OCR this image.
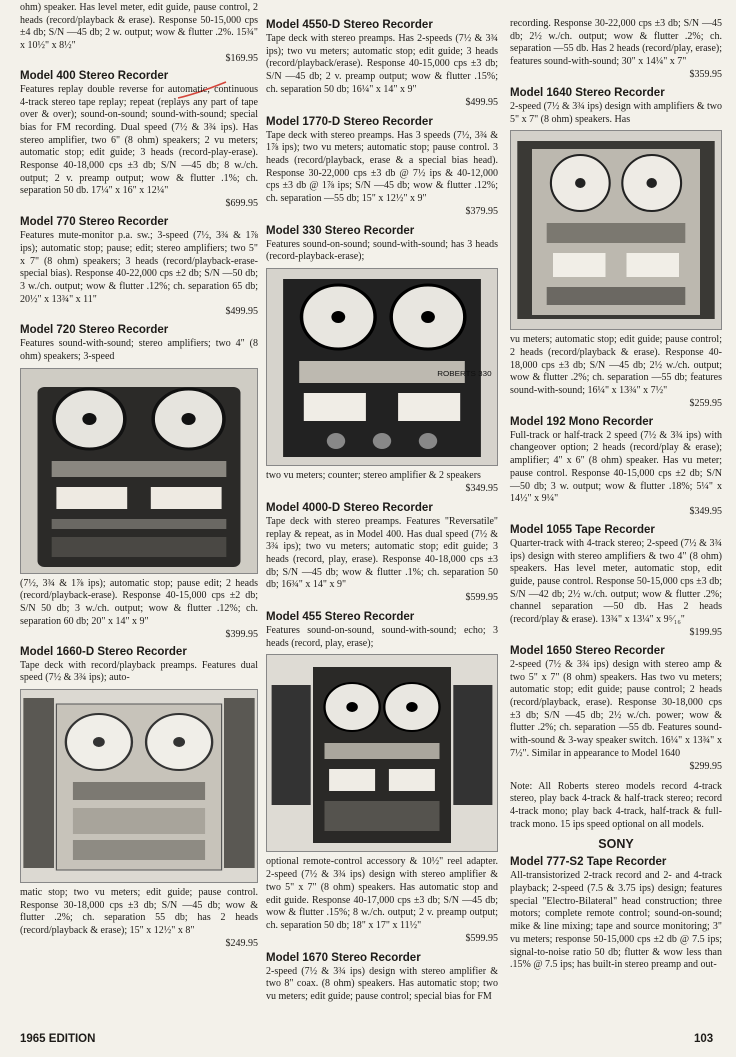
ohm) speaker. Has level meter, edit guide, pause control, 2 heads (record/playback & erase). Response 50-15,000 cps ±4 db; S/N —45 db; 2 w. output; wow & flutter .2%. 15¾" x 10½" x 8½"

$169.95

Model 400 Stereo Recorder

Features replay double reverse for automatic, continuous 4-track stereo tape replay; repeat (replays any part of tape over & over); sound-on-sound; sound-with-sound; special bias for FM recording. Dual speed (7½ & 3¾ ips). Has stereo amplifier, two 6" (8 ohm) speakers; 2 vu meters; automatic stop; edit guide; 3 heads (record-play-erase). Response 40-18,000 cps ±3 db; S/N —45 db; 8 w./ch. output; 2 v. preamp output; wow & flutter .1%; ch. separation 50 db. 17¼" x 16" x 12¼"

$699.95

Model 770 Stereo Recorder

Features mute-monitor p.a. sw.; 3-speed (7½, 3¾ & 1⅞ ips); automatic stop; pause; edit; stereo amplifiers; two 5" x 7" (8 ohm) speakers; 3 heads (record/playback-erase-special bias). Response 40-22,000 cps ±2 db; S/N —50 db; 3 w./ch. output; wow & flutter .12%; ch. separation 65 db; 20½" x 13¾" x 11"

$499.95

Model 720 Stereo Recorder

Features sound-with-sound; stereo amplifiers; two 4" (8 ohm) speakers; 3-speed

(7½, 3¾ & 1⅞ ips); automatic stop; pause edit; 2 heads (record/playback-erase). Response 40-15,000 cps ±2 db; S/N 50 db; 3 w./ch. output; wow & flutter .12%; ch. separation 60 db; 20" x 14" x 9"

$399.95

Model 1660-D Stereo Recorder

Tape deck with record/playback preamps. Features dual speed (7½ & 3¾ ips); auto-

matic stop; two vu meters; edit guide; pause control. Response 30-18,000 cps ±3 db; S/N —45 db; wow & flutter .2%; ch. separation 55 db; has 2 heads (record/playback & erase); 15" x 12½" x 8"

$249.95

Model 4550-D Stereo Recorder

Tape deck with stereo preamps. Has 2-speeds (7½ & 3¾ ips); two vu meters; automatic stop; edit guide; 3 heads (record/playback/erase). Response 40-15,000 cps ±3 db; S/N —45 db; 2 v. preamp output; wow & flutter .15%; ch. separation 50 db; 16¼" x 14" x 9"

$499.95

Model 1770-D Stereo Recorder

Tape deck with stereo preamps. Has 3 speeds (7½, 3¾ & 1⅞ ips); two vu meters; automatic stop; pause control. 3 heads (record/playback, erase & a special bias head). Response 30-22,000 cps ±3 db @ 7½ ips & 40-12,000 cps ±3 db @ 1⅞ ips; S/N —45 db; wow & flutter .12%; ch. separation —55 db; 15" x 12½" x 9"

$379.95

Model 330 Stereo Recorder

Features sound-on-sound; sound-with-sound; has 3 heads (record-playback-erase);

ROBERTS 330

two vu meters; counter; stereo amplifier & 2 speakers

$349.95

Model 4000-D Stereo Recorder

Tape deck with stereo preamps. Features "Reversatile" replay & repeat, as in Model 400. Has dual speed (7½ & 3¾ ips); two vu meters; automatic stop; edit guide; 3 heads (record, play, erase). Response 40-18,000 cps ±3 db; S/N —45 db; wow & flutter .1%; ch. separation 50 db; 16¾" x 14" x 9"

$599.95

Model 455 Stereo Recorder

Features sound-on-sound, sound-with-sound; echo; 3 heads (record, play, erase);

optional remote-control accessory & 10½" reel adapter. 2-speed (7½ & 3¾ ips) design with stereo amplifier & two 5" x 7" (8 ohm) speakers. Has automatic stop and edit guide. Response 40-17,000 cps ±3 db; S/N —45 db; wow & flutter .15%; 8 w./ch. output; 2 v. preamp output; ch. separation 50 db; 18" x 17" x 11½"

$599.95

Model 1670 Stereo Recorder

2-speed (7½ & 3¾ ips) design with stereo amplifier & two 8" coax. (8 ohm) speakers. Has automatic stop; two vu meters; edit guide; pause control; special bias for FM

recording. Response 30-22,000 cps ±3 db; S/N —45 db; 2½ w./ch. output; wow & flutter .2%; ch. separation —55 db. Has 2 heads (record/play, erase); features sound-with-sound; 30" x 14¼" x 7"

$359.95

Model 1640 Stereo Recorder

2-speed (7½ & 3¾ ips) design with amplifiers & two 5" x 7" (8 ohm) speakers. Has

vu meters; automatic stop; edit guide; pause control; 2 heads (record/playback & erase). Response 40-18,000 cps ±3 db; S/N —45 db; 2½ w./ch. output; wow & flutter .2%; ch. separation —55 db; features sound-with-sound; 16¼" x 13¾" x 7½"

$259.95

Model 192 Mono Recorder

Full-track or half-track 2 speed (7½ & 3¾ ips) with changeover option; 2 heads (record/play & erase); amplifier; 4" x 6" (8 ohm) speaker. Has vu meter; pause control. Response 40-15,000 cps ±2 db; S/N —50 db; 3 w. output; wow & flutter .18%; 5¼" x 14½" x 9¼"

$349.95

Model 1055 Tape Recorder

Quarter-track with 4-track stereo; 2-speed (7½ & 3¾ ips) design with stereo amplifiers & two 4" (8 ohm) speakers. Has level meter, automatic stop, edit guide, pause control. Response 50-15,000 cps ±3 db; S/N —42 db; 2½ w./ch. output; wow & flutter .2%; channel separation —50 db. Has 2 heads (record/play & erase). 13¾" x 13¼" x 9⁵⁄₁₆"

$199.95

Model 1650 Stereo Recorder

2-speed (7½ & 3¾ ips) design with stereo amp & two 5" x 7" (8 ohm) speakers. Has two vu meters; automatic stop; edit guide; pause control; 2 heads (record/playback, erase). Response 30-18,000 cps ±3 db; S/N —45 db; 2½ w./ch. power; wow & flutter .2%; ch. separation —55 db. Features sound-with-sound & 3-way speaker switch. 16¼" x 13¾" x 7½". Similar in appearance to Model 1640

$299.95

Note: All Roberts stereo models record 4-track stereo, play back 4-track & half-track stereo; record 4-track mono; play back 4-track, half-track & full-track mono. 15 ips speed optional on all models.

SONY
Model 777-S2 Tape Recorder

All-transistorized 2-track record and 2- and 4-track playback; 2-speed (7.5 & 3.75 ips) design; features special "Electro-Bilateral" head construction; three motors; complete remote control; sound-on-sound; mike & line mixing; tape and source monitoring; 3" vu meters; response 50-15,000 cps ±2 db @ 7.5 ips; signal-to-noise ratio 50 db; flutter & wow less than .15% @ 7.5 ips; has built-in stereo preamp and out-

1965 EDITION	103
